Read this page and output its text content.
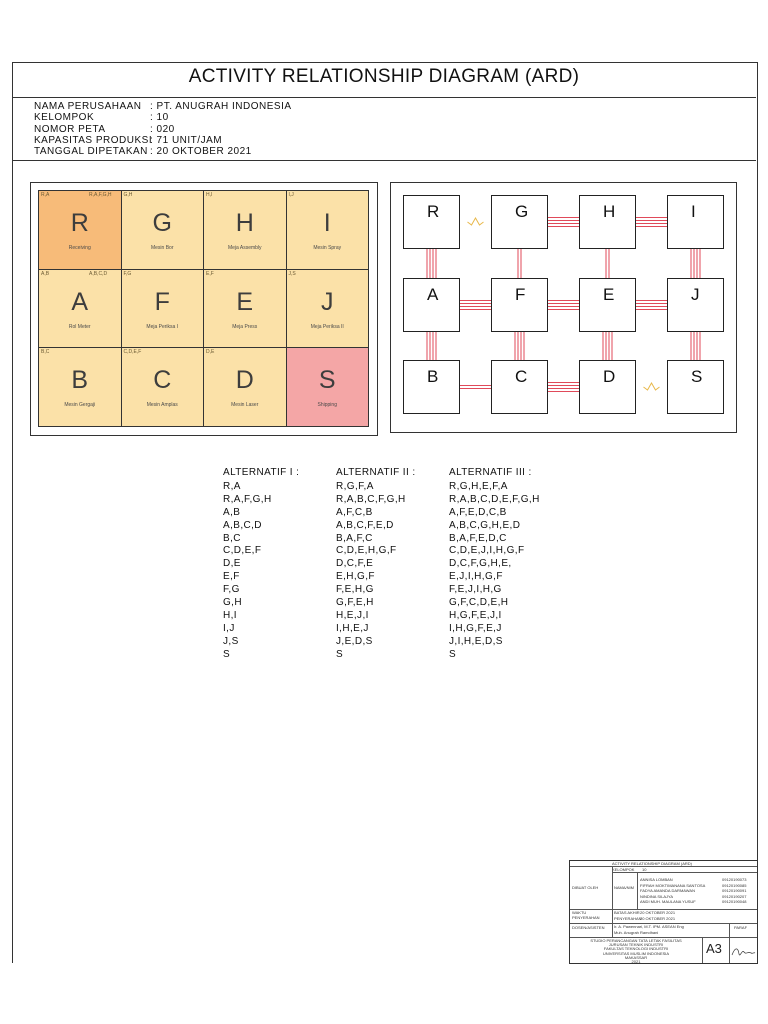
ACTIVITY RELATIONSHIP DIAGRAM (ARD)
NAMA PERUSAHAAN : PT. ANUGRAH INDONESIA
KELOMPOK	: 10
NOMOR PETA	: 020
KAPASITAS PRODUKSI
: 71 UNIT/JAM
TANGGAL DIPETAKAN : 20 OKTOBER 2021
R,A	R,A,F,G,H
R
Receiving
G,H
G
Mesin Bor
H,I
H
Meja Assembly
I,J
I
Mesin Spray
A,B	A,B,C,D
A
Rol Meter
F,G
F
Meja Periksa I
E,F
E
Meja Press
J,S
J
Meja Periksa II
B,C
B
Mesin Gergaji
C,D,E,F
C
Mesin Amplas
D,E
D
Mesin Laser
S
Shipping
R	G	H	I
A	F	E	J
B	C	D	S
ALTERNATIF I :
R,A
R,A,F,G,H
A,B
A,B,C,D
B,C
C,D,E,F
D,E
E,F
F,G
G,H
H,I
I,J
J,S
S
ALTERNATIF II :
R,G,F,A
R,A,B,C,F,G,H
A,F,C,B
A,B,C,F,E,D
B,A,F,C
C,D,E,H,G,F
D,C,F,E
E,H,G,F
F,E,H,G
G,F,E,H
H,E,J,I
I,H,E,J
J,E,D,S
S
ALTERNATIF III :
R,G,H,E,F,A
R,A,B,C,D,E,F,G,H
A,F,E,D,C,B
A,B,C,G,H,E,D
B,A,F,E,D,C
C,D,E,J,I,H,G,F
D,C,F,G,H,E,
E,J,I,H,G,F
F,E,J,I,H,G
G,F,C,D,E,H
H,G,F,E,J,I
I,H,G,F,E,J
J,I,H,E,D,S
S
ACTIVITY RELATIONSHIP DIAGRAM (ARD)
KELOMPOK 10
DIBUAT OLEH	NAMA/NIM
ANNISA LOMBAN	09120190073
FIFRAH MOKTIMANANA SANTOSA	09120190085
FADYA AMANDA DARMAWAN	09120190091
NINDINA SILAJYA	09120190207
ANDI MUH. MAULANA YUSUF	09120190048
WAKTU PENYERAHAN
BATAS AKHIR 20 OKTOBER 2021
PENYERAHAN
20 OKTOBER 2021
DOSEN/ASISTEN Ir. A. Pawennari, M.T. IPM. ASEAN Eng
Muh. Anugrah Ramdhani
PARAF
STUDIO PERANCANGAN TATA LETAK FASILITAS
JURUSAN TEKNIK INDUSTRI
FAKULTAS TEKNOLOGI INDUSTRI
UNIVERSITAS MUSLIM INDONESIA
MAKASSAR
2021
A3
